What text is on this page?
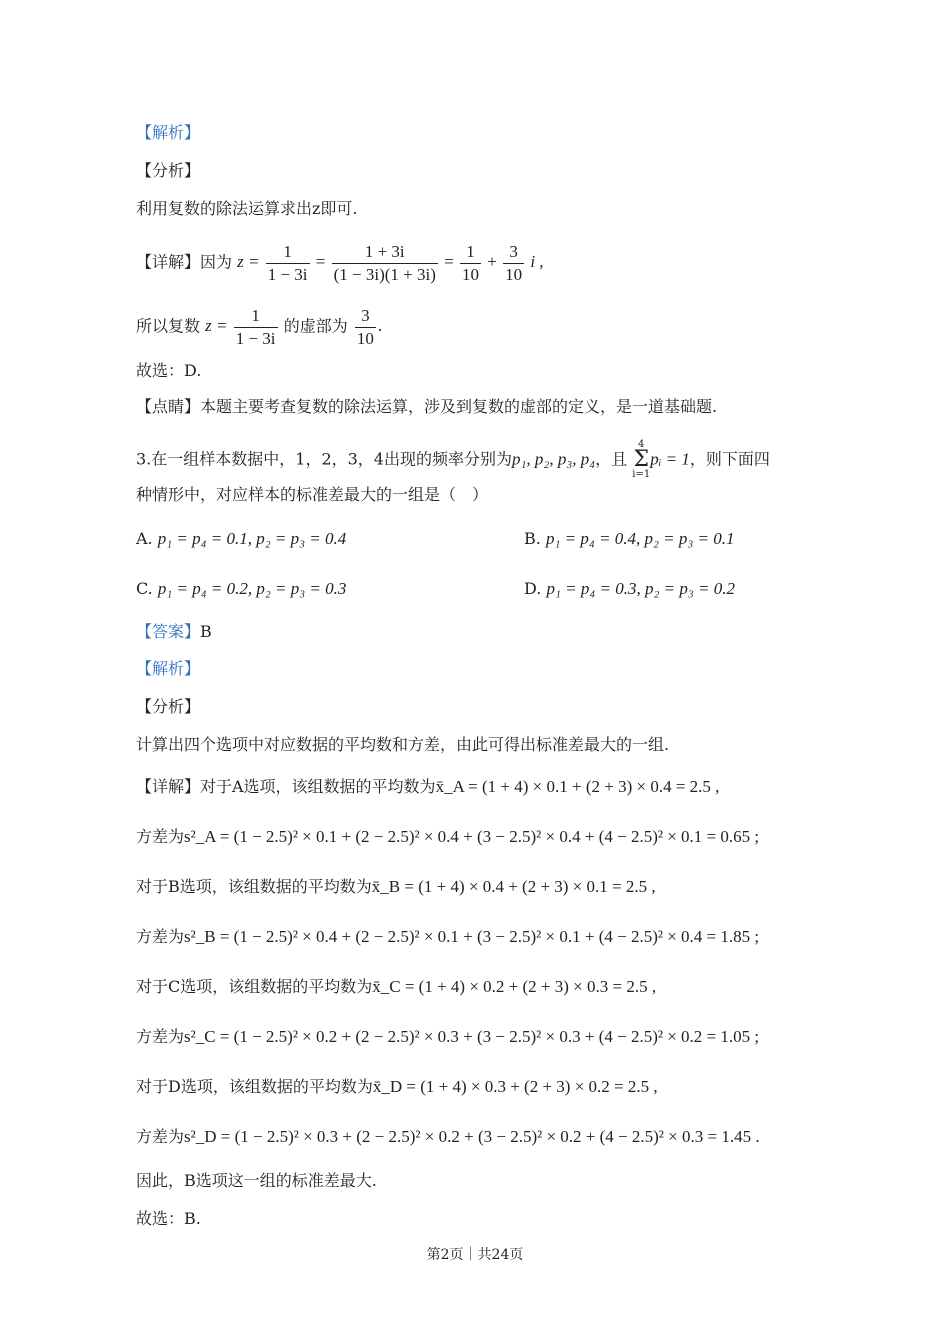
【解析】
【分析】
利用复数的除法运算求出z即可.
【详解】因为 $z = \frac{1}{1 - 3i} = \frac{1 + 3i}{(1 - 3i)(1 + 3i)} = \frac{1}{10} + \frac{3}{10}$ i ,
所以复数 $z = \frac{1}{1 - 3i}$ 的虚部为 $\frac{3}{10}$ .
故选：D.
【点睛】本题主要考查复数的除法运算，涉及到复数的虚部的定义，是一道基础题.
3.在一组样本数据中，1，2，3，4出现的频率分别为p₁, p₂, p₃, p₄，且 4
Σ
i=1pᵢ = 1，则下面四
种情形中，对应样本的标准差最大的一组是（　）
A. p₁ = p₄ = 0.1, p₂ = p₃ = 0.4	B. p₁ = p₄ = 0.4, p₂ = p₃ = 0.1
C. p₁ = p₄ = 0.2, p₂ = p₃ = 0.3	D. p₁ = p₄ = 0.3, p₂ = p₃ = 0.2
【答案】B
【解析】
【分析】
计算出四个选项中对应数据的平均数和方差，由此可得出标准差最大的一组.
【详解】对于A选项，该组数据的平均数为x̄_A = (1 + 4) × 0.1 + (2 + 3) × 0.4 = 2.5 ,
方差为s²_A = (1 − 2.5)² × 0.1 + (2 − 2.5)² × 0.4 + (3 − 2.5)² × 0.4 + (4 − 2.5)² × 0.1 = 0.65 ;
对于B选项，该组数据的平均数为x̄_B = (1 + 4) × 0.4 + (2 + 3) × 0.1 = 2.5 ,
方差为s²_B = (1 − 2.5)² × 0.4 + (2 − 2.5)² × 0.1 + (3 − 2.5)² × 0.1 + (4 − 2.5)² × 0.4 = 1.85 ;
对于C选项，该组数据的平均数为x̄_C = (1 + 4) × 0.2 + (2 + 3) × 0.3 = 2.5 ,
方差为s²_C = (1 − 2.5)² × 0.2 + (2 − 2.5)² × 0.3 + (3 − 2.5)² × 0.3 + (4 − 2.5)² × 0.2 = 1.05 ;
对于D选项，该组数据的平均数为x̄_D = (1 + 4) × 0.3 + (2 + 3) × 0.2 = 2.5 ,
方差为s²_D = (1 − 2.5)² × 0.3 + (2 − 2.5)² × 0.2 + (3 − 2.5)² × 0.2 + (4 − 2.5)² × 0.3 = 1.45 .
因此，B选项这一组的标准差最大.
故选：B.
第2页｜共24页
